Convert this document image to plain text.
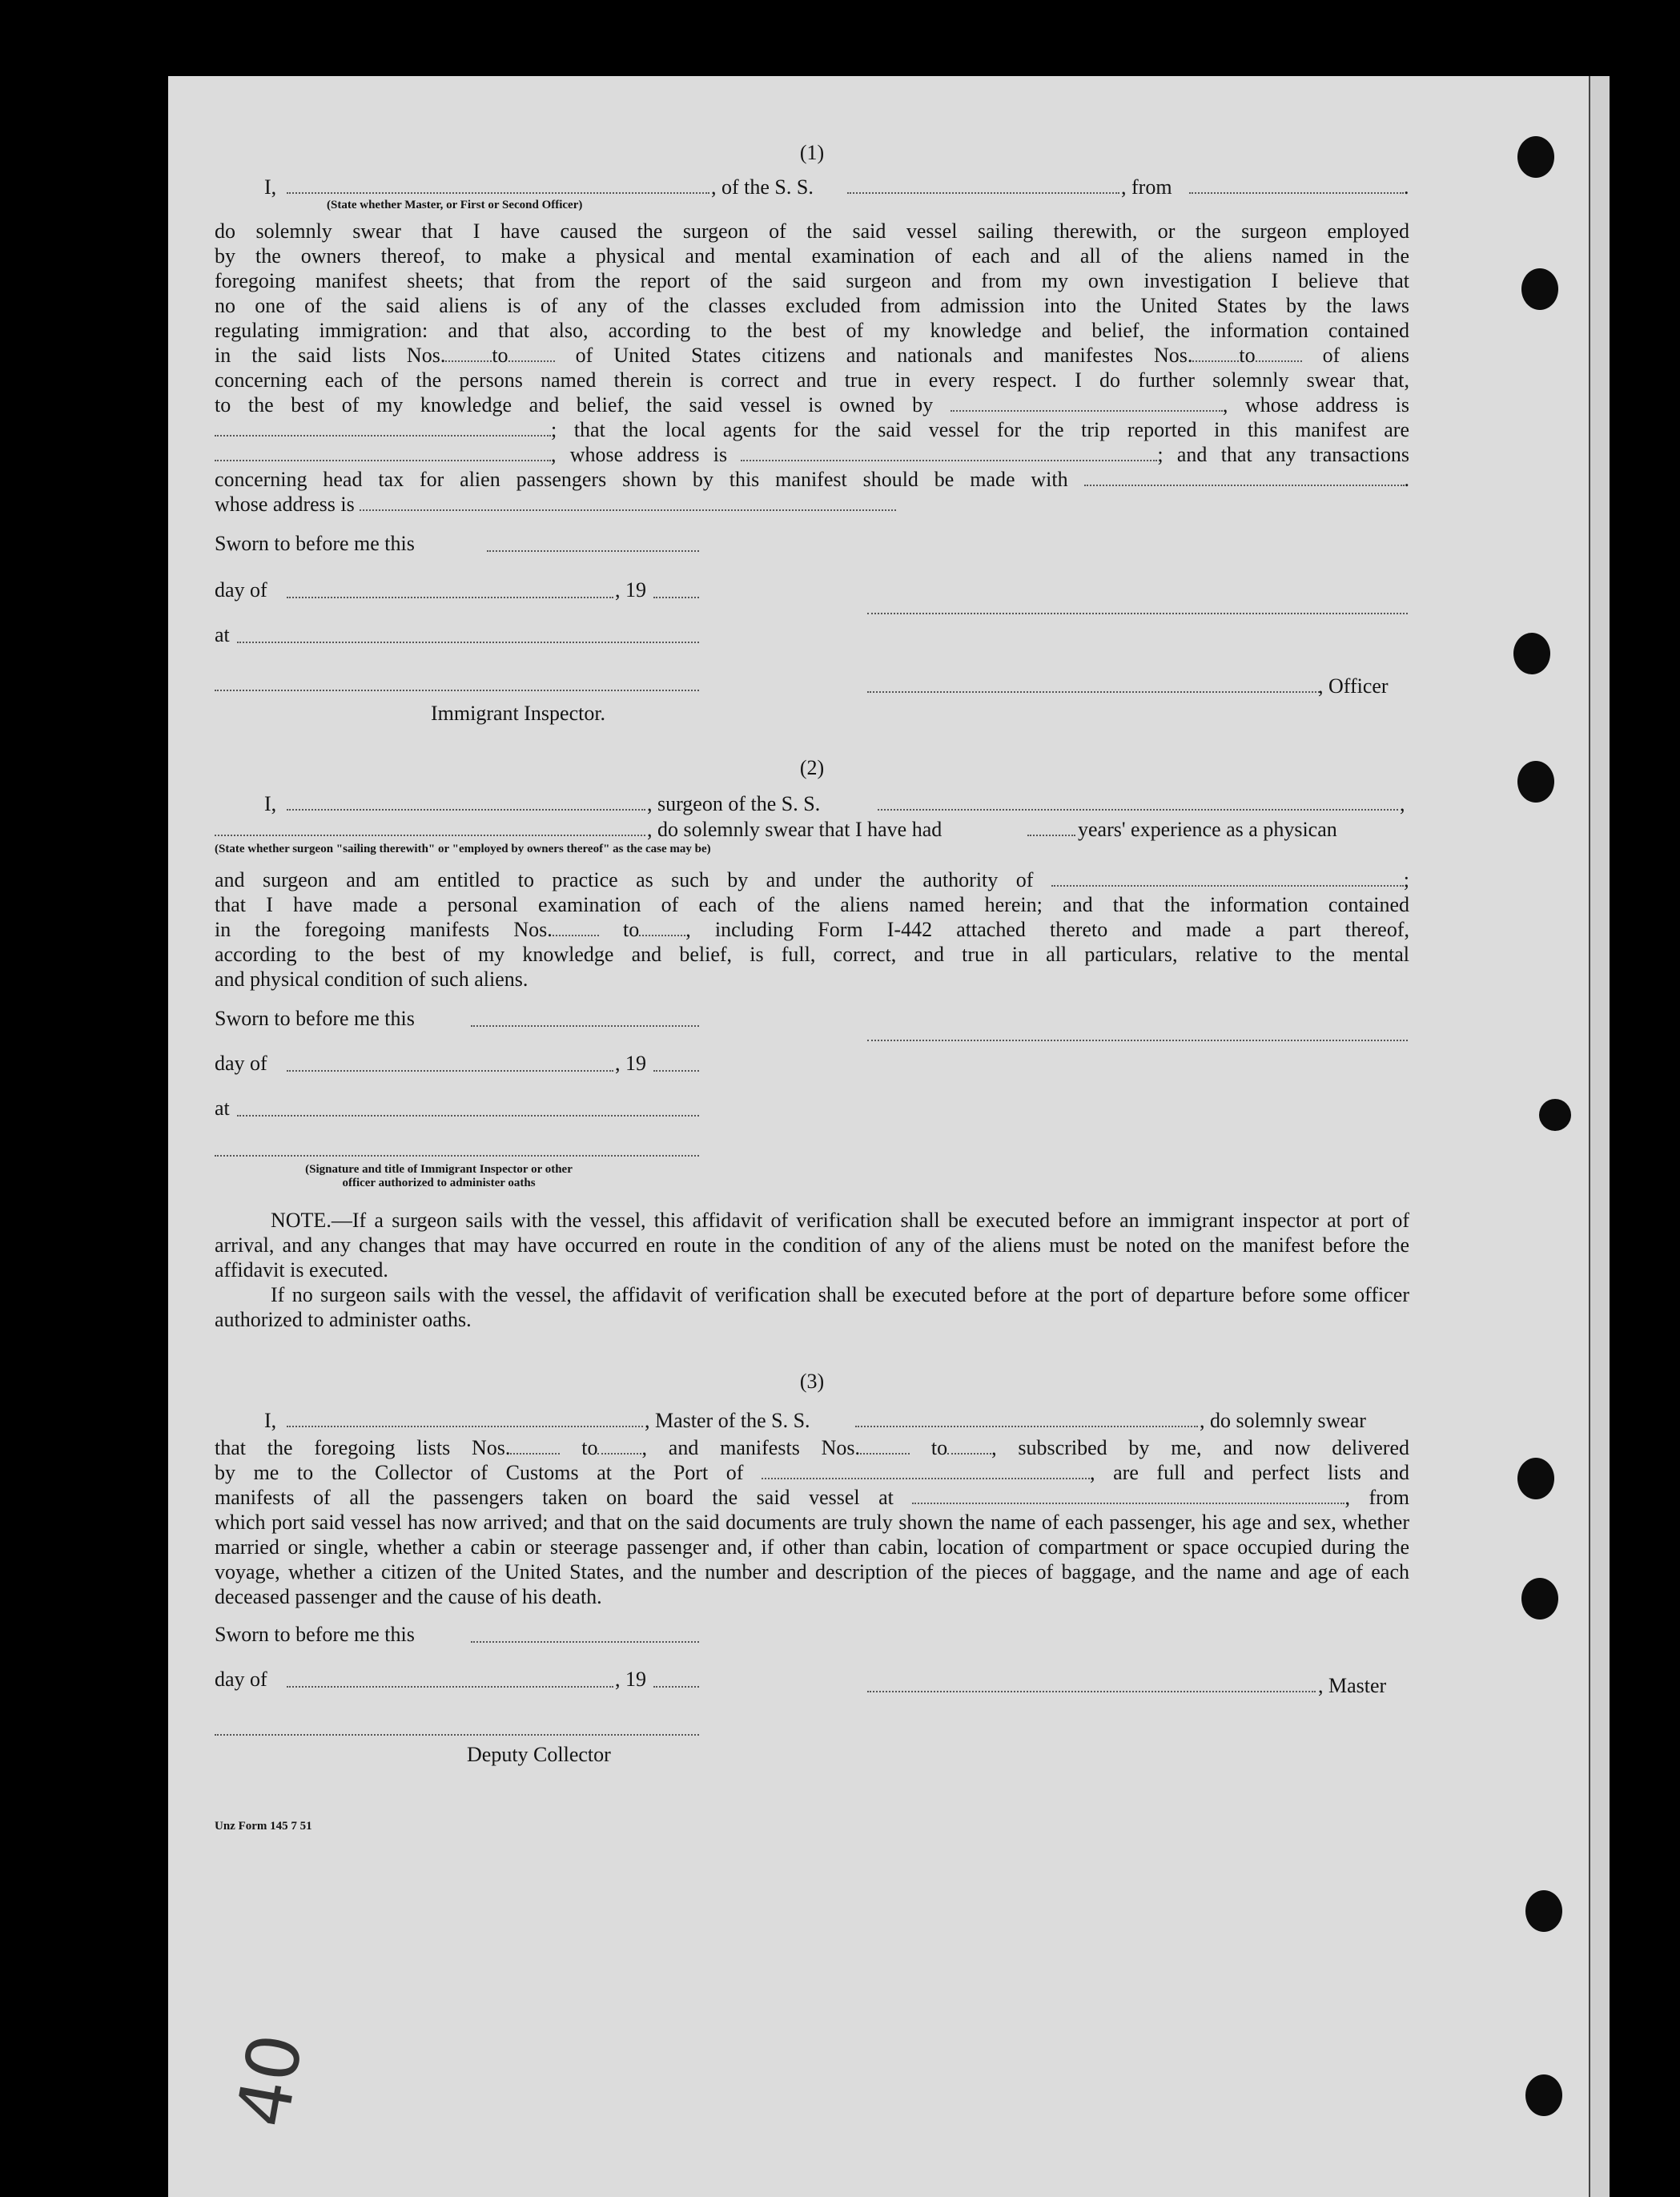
40

(1)

I,	, of the S. S.	, from	.
(State whether Master, or First or Second Officer)

do solemnly swear that I have caused the surgeon of the said vessel sailing therewith, or the surgeon employed

by the owners thereof, to make a physical and mental examination of each and all of the aliens named in the

foregoing manifest sheets; that from the report of the said surgeon and from my own investigation I believe that

no one of the said aliens is of any of the classes excluded from admission into the United States by the laws

regulating immigration: and that also, according to the best of my knowledge and belief, the information contained

in the said lists Nos. to	of United States citizens and nationals and manifestes Nos. to	of aliens

concerning each of the persons named therein is correct and true in every respect. I do further solemnly swear that,

to the best of my knowledge and belief, the said vessel is owned by	, whose address is

; that the local agents for the said vessel for the trip reported in this manifest are

, whose address is	; and that any transactions

concerning head tax for alien passengers shown by this manifest should be made with	.

whose address is

Sworn to before me this
day of	, 19
at
, Officer
Immigrant Inspector.

(2)

I,	, surgeon of the S. S.	,
, do solemnly swear that I have had	years' experience as a physican
(State whether surgeon "sailing therewith" or "employed by owners thereof" as the case may be)

and surgeon and am entitled to practice as such by and under the authority of	;

that I have made a personal examination of each of the aliens named herein; and that the information contained

in the foregoing manifests Nos.	to , including Form I-442 attached thereto and made a part thereof,

according to the best of my knowledge and belief, is full, correct, and true in all particulars, relative to the mental

and physical condition of such aliens.

Sworn to before me this
day of	, 19
at
(Signature and title of Immigrant Inspector or other
officer authorized to administer oaths

NOTE.—If a surgeon sails with the vessel, this affidavit of verification shall be executed before an immigrant inspector at port of arrival, and any changes that may have occurred en route in the condition of any of the aliens must be noted on the manifest before the affidavit is executed.

If no surgeon sails with the vessel, the affidavit of verification shall be executed before at the port of departure before some officer authorized to administer oaths.

(3)

I,	, Master of the S. S.	, do solemnly swear

that the foregoing lists Nos.	to , and manifests Nos.	to , subscribed by me, and now delivered

by me to the Collector of Customs at the Port of	, are full and perfect lists and

manifests of all the passengers taken on board the said vessel at	, from

which port said vessel has now arrived; and that on the said documents are truly shown the name of each passenger, his age and sex, whether married or single, whether a cabin or steerage passenger and, if other than cabin, location of compartment or space occupied during the voyage, whether a citizen of the United States, and the number and description of the pieces of baggage, and the name and age of each deceased passenger and the cause of his death.

Sworn to before me this
day of	, 19	, Master
Deputy Collector
Unz Form 145 7 51
